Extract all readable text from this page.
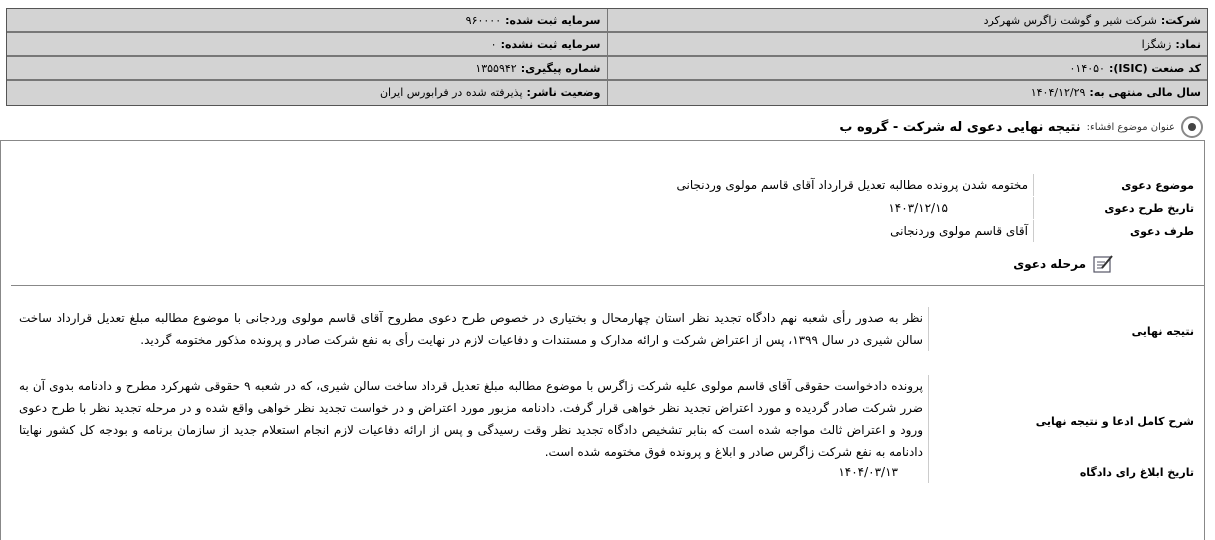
شرکت:شرکت شیر و گوشت زاگرس شهرکرد
سرمایه ثبت شده:۹۶۰۰۰۰
نماد:زشگزا
سرمایه ثبت نشده:۰
کد صنعت (ISIC):۰۱۴۰۵۰
شماره پیگیری:۱۳۵۵۹۴۲
سال مالی منتهی به:۱۴۰۴/۱۲/۲۹
وضعیت ناشر:پذیرفته شده در فرابورس ایران
عنوان موضوع افشاء:
نتیجه نهایی دعوی له شرکت - گروه ب
موضوع دعوی
مختومه شدن پرونده مطالبه تعدیل قرارداد آقای قاسم مولوی وردنجانی
تاریخ طرح دعوی
۱۴۰۳/۱۲/۱۵
طرف دعوی
آقای قاسم مولوی وردنجانی
مرحله دعوی
نتیجه نهایی
نظر به صدور رأی شعبه نهم دادگاه تجدید نظر استان چهارمحال و بختیاری در خصوص طرح دعوی مطروح آقای قاسم مولوی وردجانی با موضوع مطالبه مبلغ تعدیل قرارداد ساخت سالن شیری در سال ۱۳۹۹، پس از اعتراض شرکت و ارائه مدارک و مستندات و دفاعیات لازم در نهایت رأی به نفع شرکت صادر و پرونده مذکور مختومه گردید.
شرح کامل ادعا و نتیجه نهایی
پرونده دادخواست حقوقی آقای قاسم مولوی علیه شرکت زاگرس با موضوع مطالبه مبلغ تعدیل قرداد ساخت سالن شیری، که در شعبه ۹ حقوقی شهرکرد مطرح و دادنامه بدوی آن به ضرر شرکت صادر گردیده و مورد اعتراض تجدید نظر خواهی قرار گرفت. دادنامه مزبور مورد اعتراض و در خواست تجدید نظر خواهی واقع شده و در مرحله تجدید نظر با طرح دعوی ورود و اعتراض ثالث مواجه شده است که بنابر تشخیص دادگاه تجدید نظر وقت رسیدگی و پس از ارائه دفاعیات لازم انجام استعلام جدید از سازمان برنامه و بودجه کل کشور نهایتا دادنامه به نفع شرکت زاگرس صادر و ابلاغ و پرونده فوق مختومه شده است.
تاریخ ابلاغ رای دادگاه
۱۴۰۴/۰۳/۱۳
